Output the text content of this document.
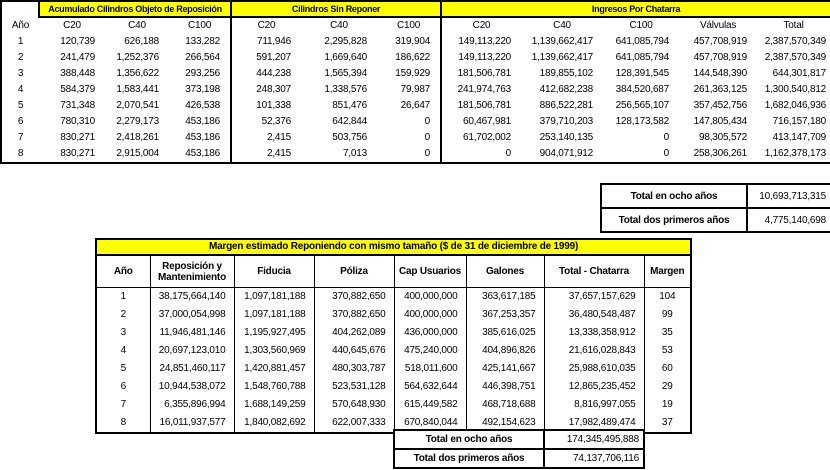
	Acumulado Cilindros Objeto de Reposición			Cilindros Sin Reponer			Ingresos Por Chatarra				
Año	C20	C40	C100	C20	C40	C100	C20	C40	C100	Válvulas	Total
1	120,739	626,188	133,282	711,946	2,295,828	319,904	149,113,220	1,139,662,417	641,085,794	457,708,919	2,387,570,349
2	241,479	1,252,376	266,564	591,207	1,669,640	186,622	149,113,220	1,139,662,417	641,085,794	457,708,919	2,387,570,349
3	388,448	1,356,622	293,256	444,238	1,565,394	159,929	181,506,781	189,855,102	128,391,545	144,548,390	644,301,817
4	584,379	1,583,441	373,198	248,307	1,338,576	79,987	241,974,763	412,682,238	384,520,687	261,363,125	1,300,540,812
5	731,348	2,070,541	426,538	101,338	851,476	26,647	181,506,781	886,522,281	256,565,107	357,452,756	1,682,046,936
6	780,310	2,279,173	453,186	52,376	642,844	0	60,467,981	379,710,203	128,173,582	147,805,434	716,157,180
7	830,271	2,418,261	453,186	2,415	503,756	0	61,702,002	253,140,135	0	98,305,572	413,147,709
8	830,271	2,915,004	453,186	2,415	7,013	0	0	904,071,912	0	258,306,261	1,162,378,173
Total en ocho años	10,693,713,315
Total dos primeros años	4,775,140,698
Margen estimado Reponiendo con mismo tamaño ($ de 31 de diciembre de 1999)							
Año	Reposición y Mantenimiento	Fiducia	Póliza	Cap Usuarios	Galones	Total - Chatarra	Margen
1	38,175,664,140	1,097,181,188	370,882,650	400,000,000	363,617,185	37,657,157,629	104
2	37,000,054,998	1,097,181,188	370,882,650	400,000,000	367,253,357	36,480,548,487	99
3	11,946,481,146	1,195,927,495	404,262,089	436,000,000	385,616,025	13,338,358,912	35
4	20,697,123,010	1,303,560,969	440,645,676	475,240,000	404,896,826	21,616,028,843	53
5	24,851,460,117	1,420,881,457	480,303,787	518,011,600	425,141,667	25,988,610,035	60
6	10,944,538,072	1,548,760,788	523,531,128	564,632,644	446,398,751	12,865,235,452	29
7	6,355,896,994	1,688,149,259	570,648,930	615,449,582	468,718,688	8,816,997,055	19
8	16,011,937,577	1,840,082,692	622,007,333	670,840,044	492,154,623	17,982,489,474	37
Total en ocho años	174,345,495,888
Total dos primeros años	74,137,706,116
